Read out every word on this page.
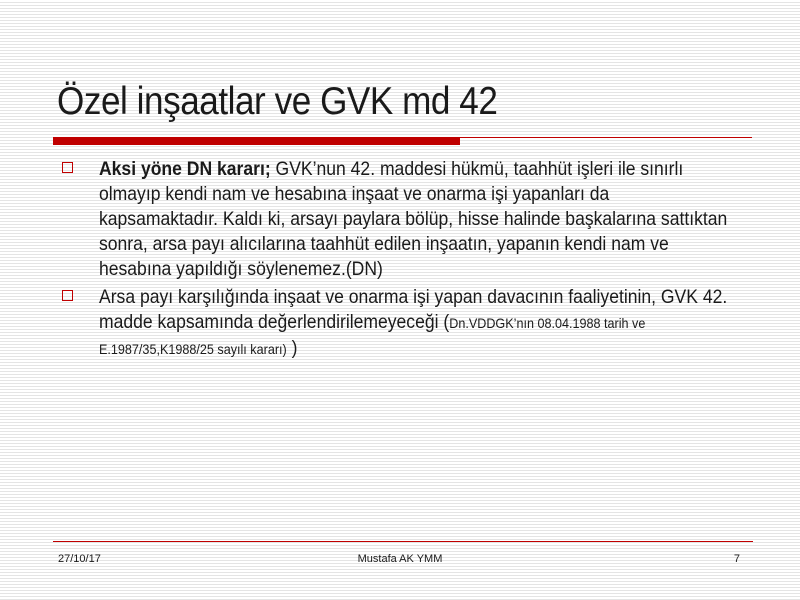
Özel inşaatlar ve GVK md 42
Aksi yöne DN kararı; GVK’nun 42. maddesi hükmü, taahhüt işleri ile sınırlı olmayıp kendi nam ve hesabına inşaat ve onarma işi yapanları da kapsamaktadır. Kaldı ki, arsayı paylara bölüp, hisse halinde başkalarına sattıktan sonra, arsa payı alıcılarına taahhüt edilen inşaatın, yapanın kendi nam ve hesabına yapıldığı söylenemez.(DN)
Arsa payı karşılığında inşaat ve onarma işi yapan davacının faaliyetinin, GVK 42. madde kapsamında değerlendirilemeyeceği (Dn.VDDGK’nın 08.04.1988 tarih ve E.1987/35,K1988/25 sayılı kararı) )
27/10/17	Mustafa AK YMM	7
